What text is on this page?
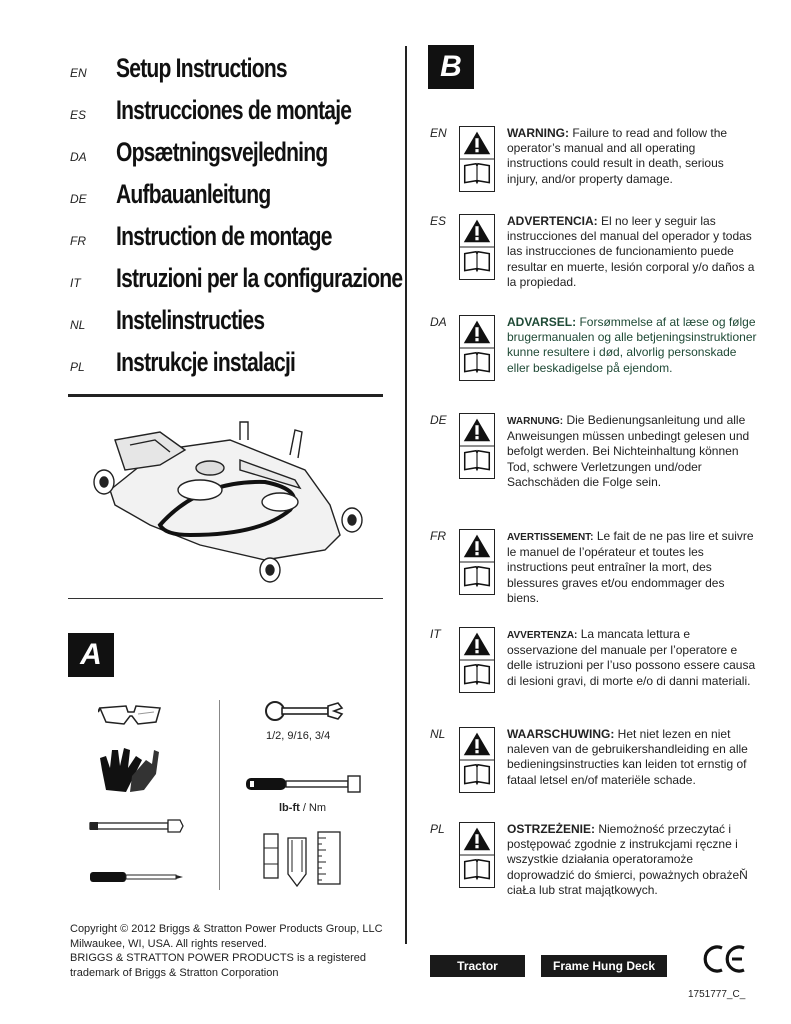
EN Setup Instructions
ES Instrucciones de montaje
DA Opsætningsvejledning
DE Aufbauanleitung
FR Instruction de montage
IT Istruzioni per la configurazione
NL Instelinstructies
PL Instrukcje instalacji
A
1/2, 9/16, 3/4
lb-ft / Nm
Copyright © 2012 Briggs & Stratton Power Products Group, LLC
Milwaukee, WI, USA. All rights reserved.
BRIGGS & STRATTON POWER PRODUCTS is a registered
trademark of Briggs & Stratton Corporation
B
EN	WARNING: Failure to read and follow the operator’s manual and all operating instructions could result in death, serious injury, and/or property damage.
ES	ADVERTENCIA: El no leer y seguir las instrucciones del manual del operador y todas las instrucciones de funcionamiento puede resultar en muerte, lesión corporal y/o daños a la propiedad.
DA	ADVARSEL: Forsømmelse af at læse og følge brugermanualen og alle betjeningsinstruktioner kunne resultere i død, alvorlig personskade eller beskadigelse på ejendom.
DE	WARNUNG: Die Bedienungsanleitung und alle Anweisungen müssen unbedingt gelesen und befolgt werden. Bei Nichteinhaltung können Tod, schwere Verletzungen und/oder Sachschäden die Folge sein.
FR	AVERTISSEMENT: Le fait de ne pas lire et suivre le manuel de l’opérateur et toutes les instructions peut entraîner la mort, des blessures graves et/ou endommager des biens.
IT	AVVERTENZA: La mancata lettura e osservazione del manuale per l’operatore e delle istruzioni per l’uso possono essere causa di lesioni gravi, di morte e/o di danni materiali.
NL	WAARSCHUWING: Het niet lezen en niet naleven van de gebruikershandleiding en alle bedieningsinstructies kan leiden tot ernstig of fataal letsel en/of materiële schade.
PL	OSTRZEŻENIE: Niemożność przeczytać i postępować zgodnie z instrukcjami ręczne i wszystkie działania operatoramoże doprowadzić do śmierci, poważnych obrażeŇ ciaŁa lub strat majątkowych.
Tractor	Frame Hung Deck
1751777_C_
